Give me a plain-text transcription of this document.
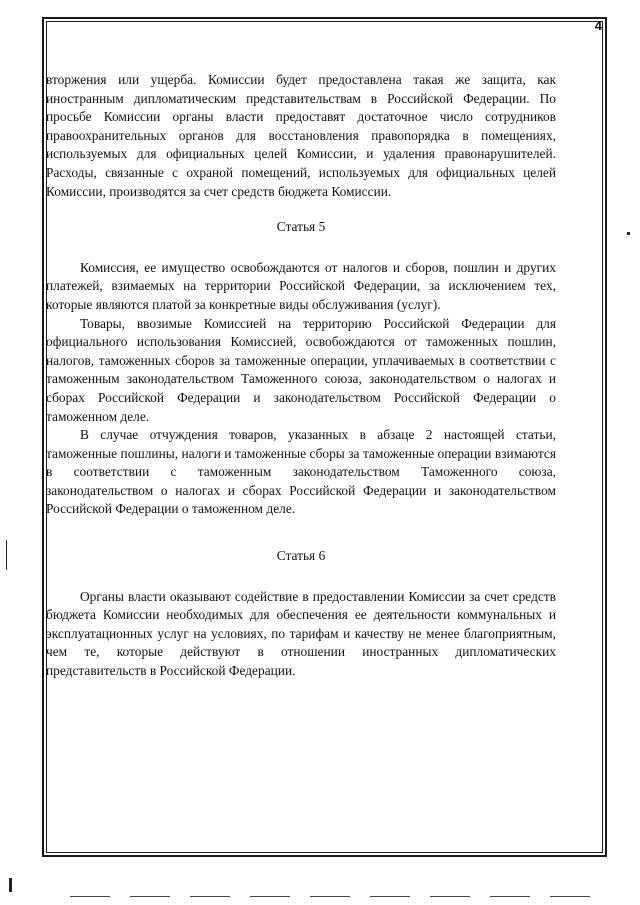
4

вторжения или ущерба. Комиссии будет предоставлена такая же защита, как иностранным дипломатическим представительствам в Российской Федерации. По просьбе Комиссии органы власти предоставят достаточное число сотрудников правоохранительных органов для восстановления правопорядка в помещениях, используемых для официальных целей Комиссии, и удаления правонарушителей. Расходы, связанные с охраной помещений, используемых для официальных целей Комиссии, производятся за счет средств бюджета Комиссии.

Статья 5

Комиссия, ее имущество освобождаются от налогов и сборов, пошлин и других платежей, взимаемых на территории Российской Федерации, за исключением тех, которые являются платой за конкретные виды обслуживания (услуг).

Товары, ввозимые Комиссией на территорию Российской Федерации для официального использования Комиссией, освобождаются от таможенных пошлин, налогов, таможенных сборов за таможенные операции, уплачиваемых в соответствии с таможенным законодательством Таможенного союза, законодательством о налогах и сборах Российской Федерации и законодательством Российской Федерации о таможенном деле.

В случае отчуждения товаров, указанных в абзаце 2 настоящей статьи, таможенные пошлины, налоги и таможенные сборы за таможенные операции взимаются в соответствии с таможенным законодательством Таможенного союза, законодательством о налогах и сборах Российской Федерации и законодательством Российской Федерации о таможенном деле.

Статья 6

Органы власти оказывают содействие в предоставлении Комиссии за счет средств бюджета Комиссии необходимых для обеспечения ее деятельности коммунальных и эксплуатационных услуг на условиях, по тарифам и качеству не менее благоприятным, чем те, которые действуют в отношении иностранных дипломатических представительств в Российской Федерации.
